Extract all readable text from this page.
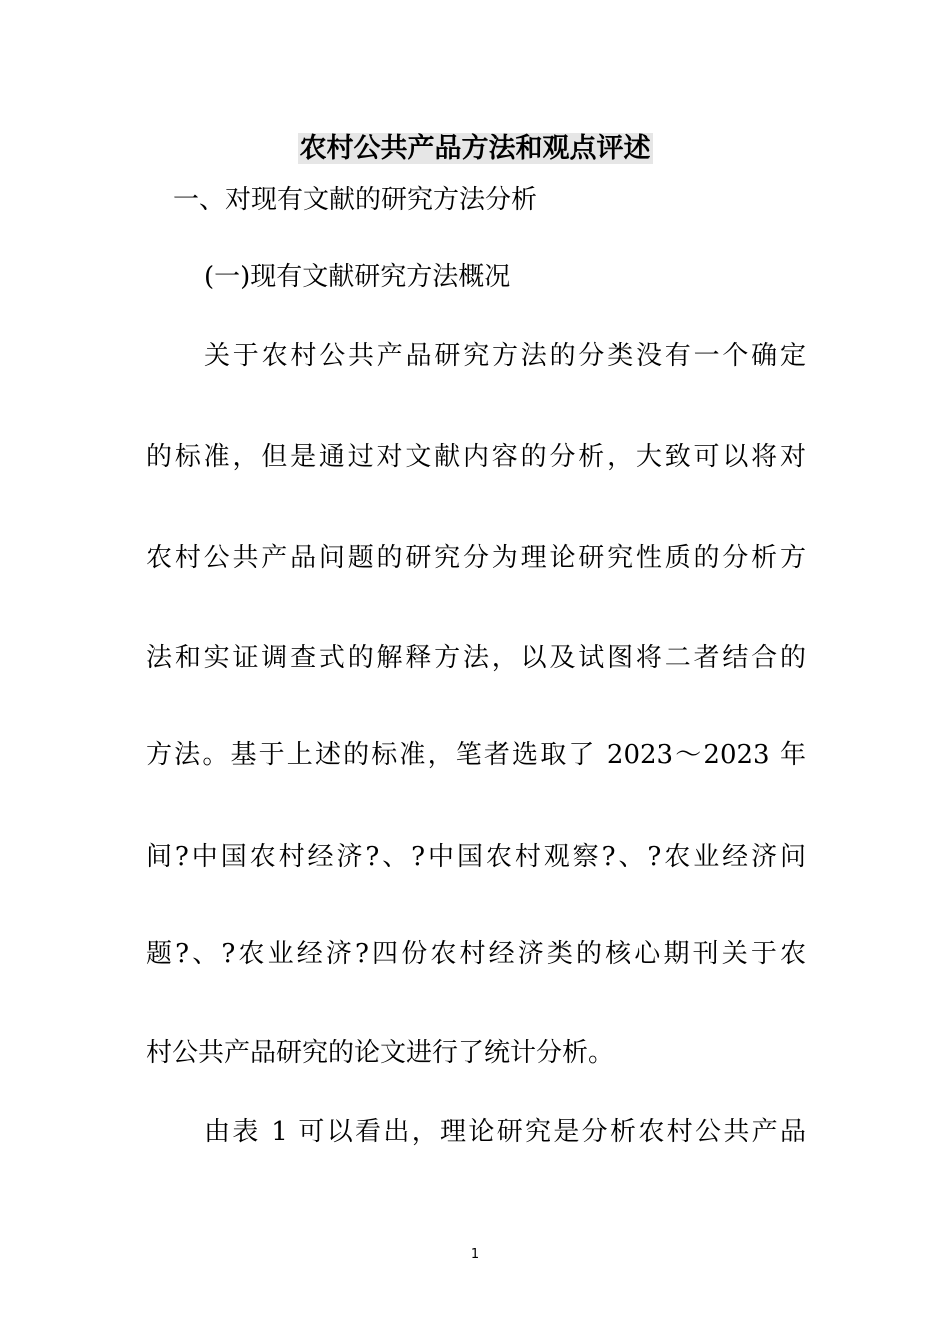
农村公共产品方法和观点评述
一、对现有文献的研究方法分析
(一)现有文献研究方法概况
关于农村公共产品研究方法的分类没有一个确定
的标准，但是通过对文献内容的分析，大致可以将对
农村公共产品问题的研究分为理论研究性质的分析方
法和实证调查式的解释方法，以及试图将二者结合的
方法。基于上述的标准，笔者选取了 2023～2023 年
间?中国农村经济?、?中国农村观察?、?农业经济问
题?、?农业经济?四份农村经济类的核心期刊关于农
村公共产品研究的论文进行了统计分析。
由表 1 可以看出，理论研究是分析农村公共产品
1
